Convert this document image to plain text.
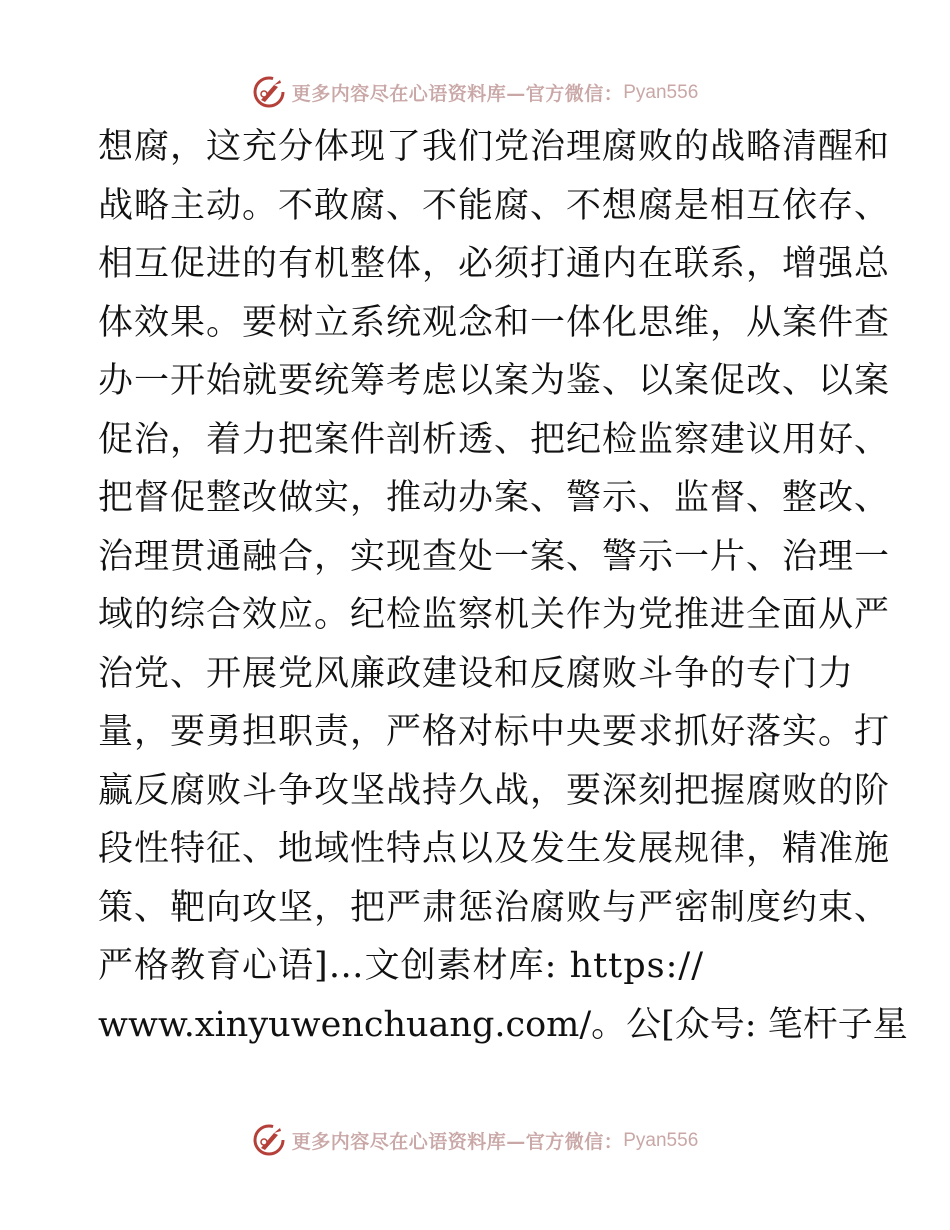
更多内容尽在心语资料库—官方微信： Pyan556
想腐，这充分体现了我们党治理腐败的战略清醒和
战略主动。不敢腐、不能腐、不想腐是相互依存、
相互促进的有机整体，必须打通内在联系，增强总
体效果。要树立系统观念和一体化思维，从案件查
办一开始就要统筹考虑以案为鉴、以案促改、以案
促治，着力把案件剖析透、把纪检监察建议用好、
把督促整改做实，推动办案、警示、监督、整改、
治理贯通融合，实现查处一案、警示一片、治理一
域的综合效应。纪检监察机关作为党推进全面从严
治党、开展党风廉政建设和反腐败斗争的专门力
量，要勇担职责，严格对标中央要求抓好落实。打
赢反腐败斗争攻坚战持久战，要深刻把握腐败的阶
段性特征、地域性特点以及发生发展规律，精准施
策、靶向攻坚，把严肃惩治腐败与严密制度约束、
严格教育心语]…文创素材库: https://
www.xinyuwenchuang.com/。公[众号: 笔杆子星
更多内容尽在心语资料库—官方微信： Pyan556
